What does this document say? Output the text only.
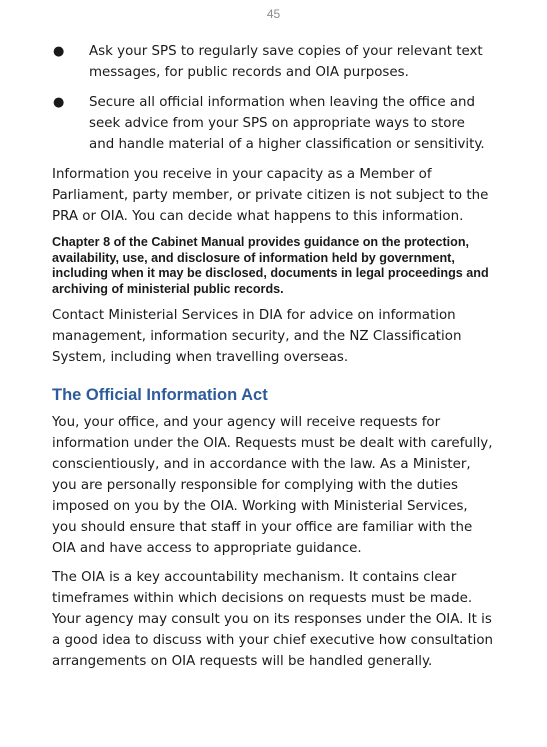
45
● Ask your SPS to regularly save copies of your relevant text messages, for public records and OIA purposes.
● Secure all official information when leaving the office and seek advice from your SPS on appropriate ways to store and handle material of a higher classification or sensitivity.

Information you receive in your capacity as a Member of Parliament, party member, or private citizen is not subject to the PRA or OIA. You can decide what happens to this information.

Chapter 8 of the Cabinet Manual provides guidance on the protection, availability, use, and disclosure of information held by government, including when it may be disclosed, documents in legal proceedings and archiving of ministerial public records.

Contact Ministerial Services in DIA for advice on information management, information security, and the NZ Classification System, including when travelling overseas.

The Official Information Act

You, your office, and your agency will receive requests for information under the OIA. Requests must be dealt with carefully, conscientiously, and in accordance with the law. As a Minister, you are personally responsible for complying with the duties imposed on you by the OIA. Working with Ministerial Services, you should ensure that staff in your office are familiar with the OIA and have access to appropriate guidance.

The OIA is a key accountability mechanism. It contains clear timeframes within which decisions on requests must be made. Your agency may consult you on its responses under the OIA. It is a good idea to discuss with your chief executive how consultation arrangements on OIA requests will be handled generally.
